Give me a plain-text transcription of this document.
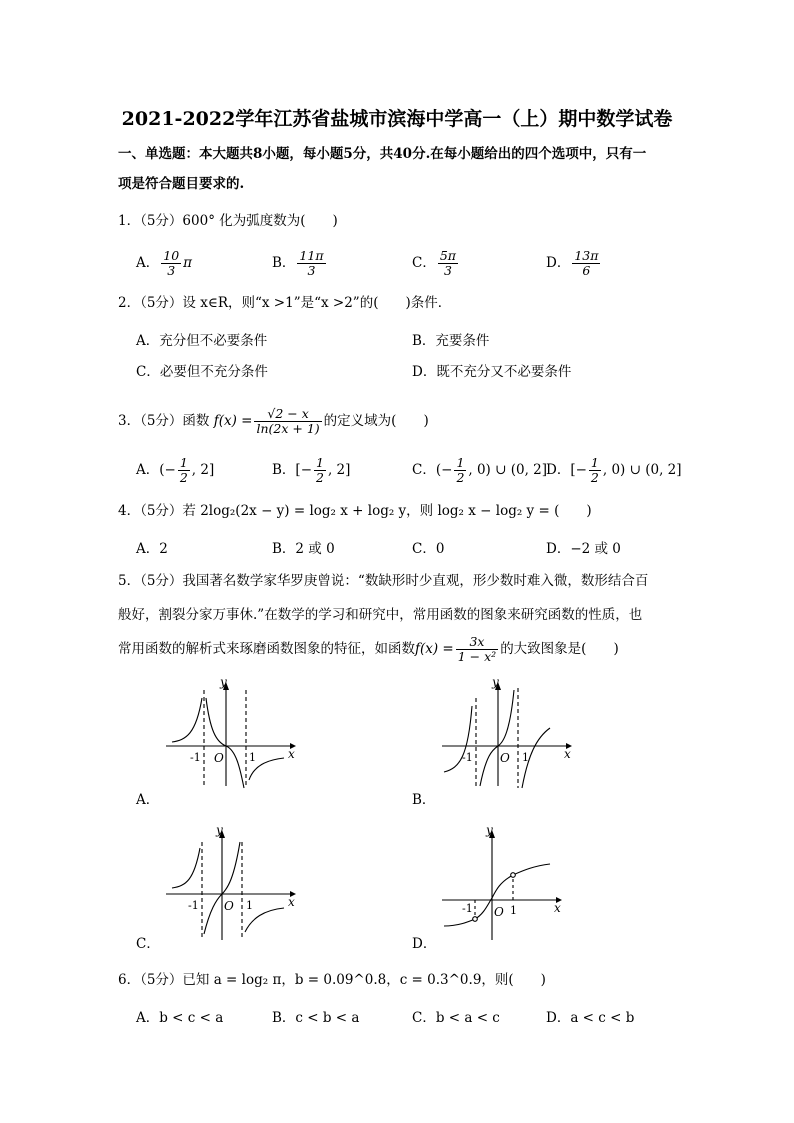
2021-2022学年江苏省盐城市滨海中学高一（上）期中数学试卷
一、单选题：本大题共8小题，每小题5分，共40分.在每小题给出的四个选项中，只有一
项是符合题目要求的.
1．（5分）600° 化为弧度数为(　　)
A． $\frac{10}{3}$ π	B． $\frac{11\pi}{3}$	C． $\frac{5\pi}{3}$	D． $\frac{13\pi}{6}$
2．（5分）设 x∈R，则“x >1”是“x >2”的(　　)条件．
A．充分但不必要条件	B．充要条件
C．必要但不充分条件	D．既不充分又不必要条件
3．（5分）函数 $f(x) = \frac{√2 - x}{\ln(2x + 1)}$ 的定义域为(　　)
A．(− $\frac{1}{2}$ , 2]	B．[− $\frac{1}{2}$ , 2]	C．(− $\frac{1}{2}$ , 0) ∪ (0, 2]
D．[− $\frac{1}{2}$ , 0) ∪ (0, 2]
4．（5分）若 2log₂(2x − y) = log₂ x + log₂ y，则 log₂ x − log₂ y = (　　)
A．2	B．2 或 0	C．0	D．−2 或 0
5．（5分）我国著名数学家华罗庚曾说：“数缺形时少直观，形少数时难入微，数形结合百
般好，割裂分家万事休.”在数学的学习和研究中，常用函数的图象来研究函数的性质，也
常用函数的解析式来琢磨函数图象的特征，如函数$f(x) = \frac{3x}{\text{1 − x²}}$ 的大致图象是(　　)
y
x
O
-1	1
A．
y
x
O
-1	1
B．
y
x
O
-1	1
C．
y
x
O
-1	1
D．
6．（5分）已知 a = log₂ π，b = 0.09^0.8，c = 0.3^0.9，则(　　)
A．b < c < a	B．c < b < a	C．b < a < c	D．a < c < b
